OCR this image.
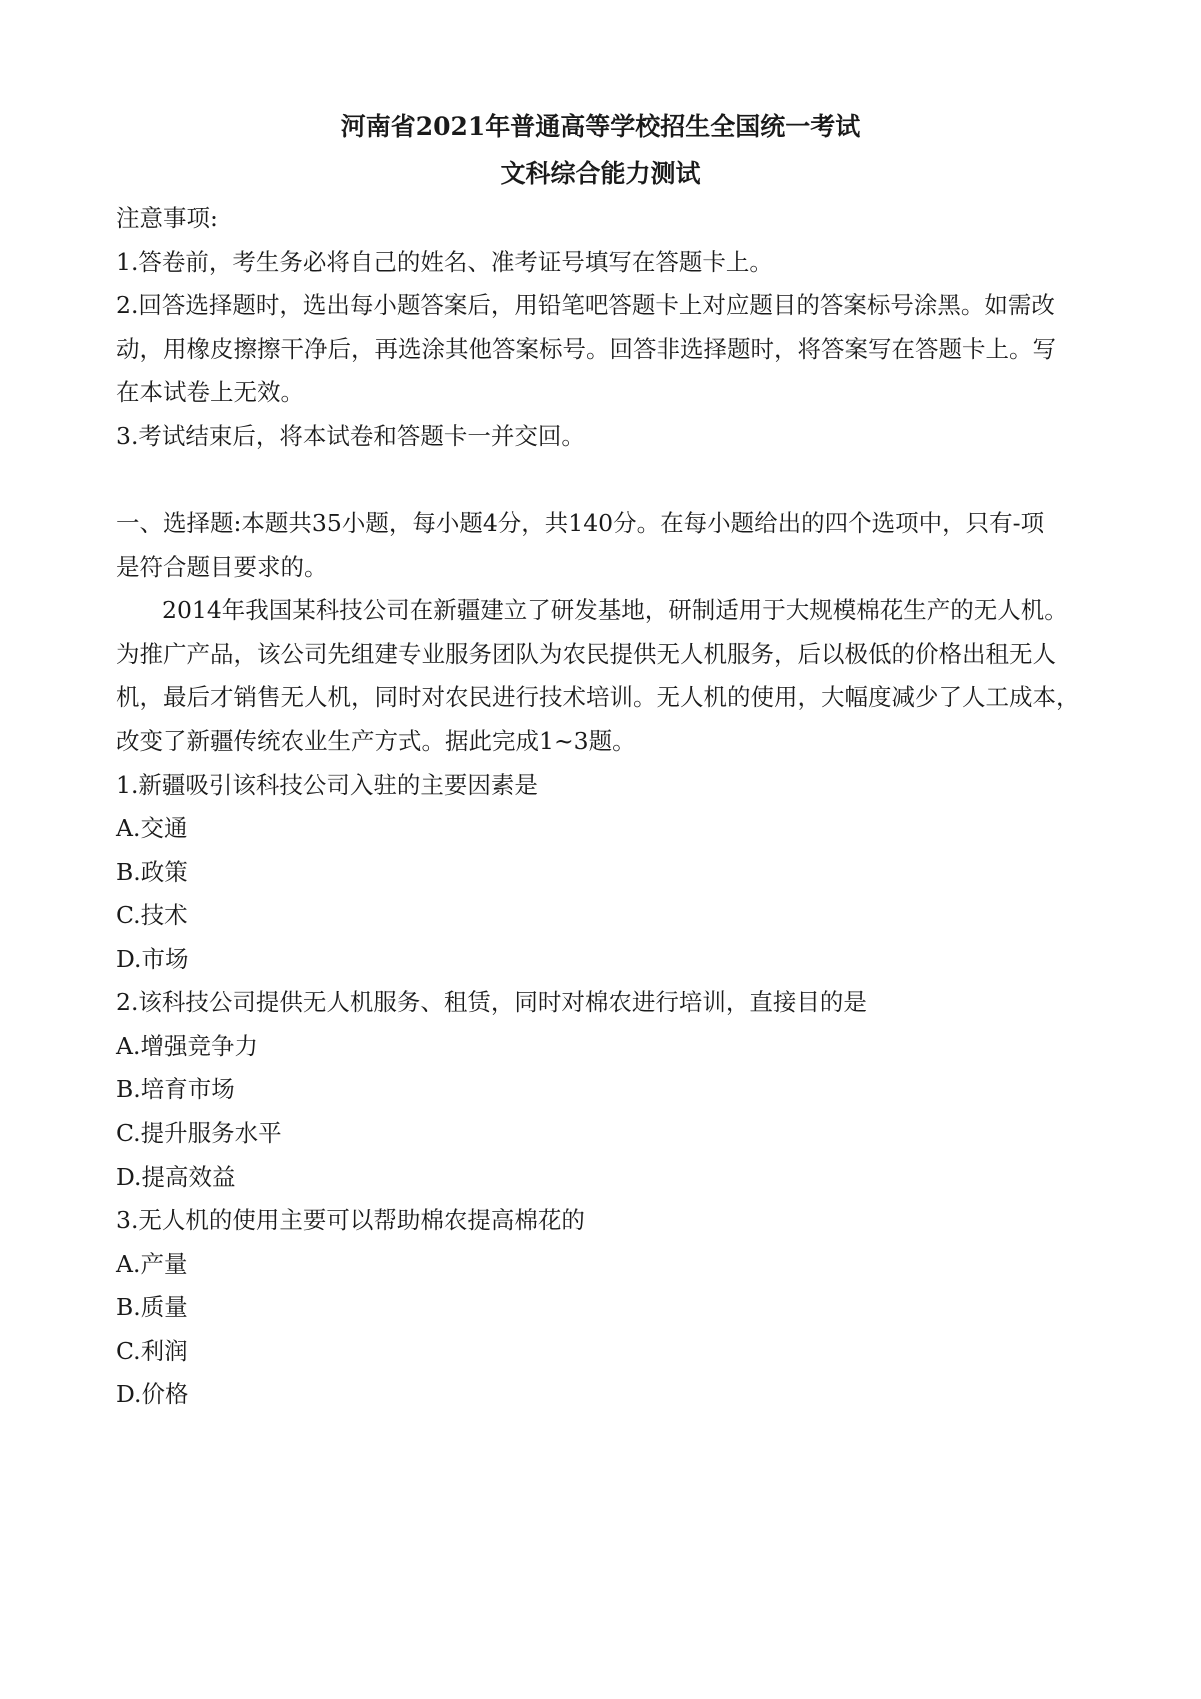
河南省2021年普通高等学校招生全国统一考试
文科综合能力测试
注意事项:
1.答卷前，考生务必将自己的姓名、准考证号填写在答题卡上。
2.回答选择题时，选出每小题答案后，用铅笔吧答题卡上对应题目的答案标号涂黑。如需改
动，用橡皮擦擦干净后，再选涂其他答案标号。回答非选择题时，将答案写在答题卡上。写
在本试卷上无效。
3.考试结束后，将本试卷和答题卡一并交回。
一、选择题:本题共35小题，每小题4分，共140分。在每小题给出的四个选项中，只有-项
是符合题目要求的。
2014年我国某科技公司在新疆建立了研发基地，研制适用于大规模棉花生产的无人机。
为推广产品，该公司先组建专业服务团队为农民提供无人机服务，后以极低的价格出租无人
机，最后才销售无人机，同时对农民进行技术培训。无人机的使用，大幅度减少了人工成本，
改变了新疆传统农业生产方式。据此完成1~3题。
1.新疆吸引该科技公司入驻的主要因素是
A.交通
B.政策
C.技术
D.市场
2.该科技公司提供无人机服务、租赁，同时对棉农进行培训，直接目的是
A.增强竞争力
B.培育市场
C.提升服务水平
D.提高效益
3.无人机的使用主要可以帮助棉农提高棉花的
A.产量
B.质量
C.利润
D.价格
